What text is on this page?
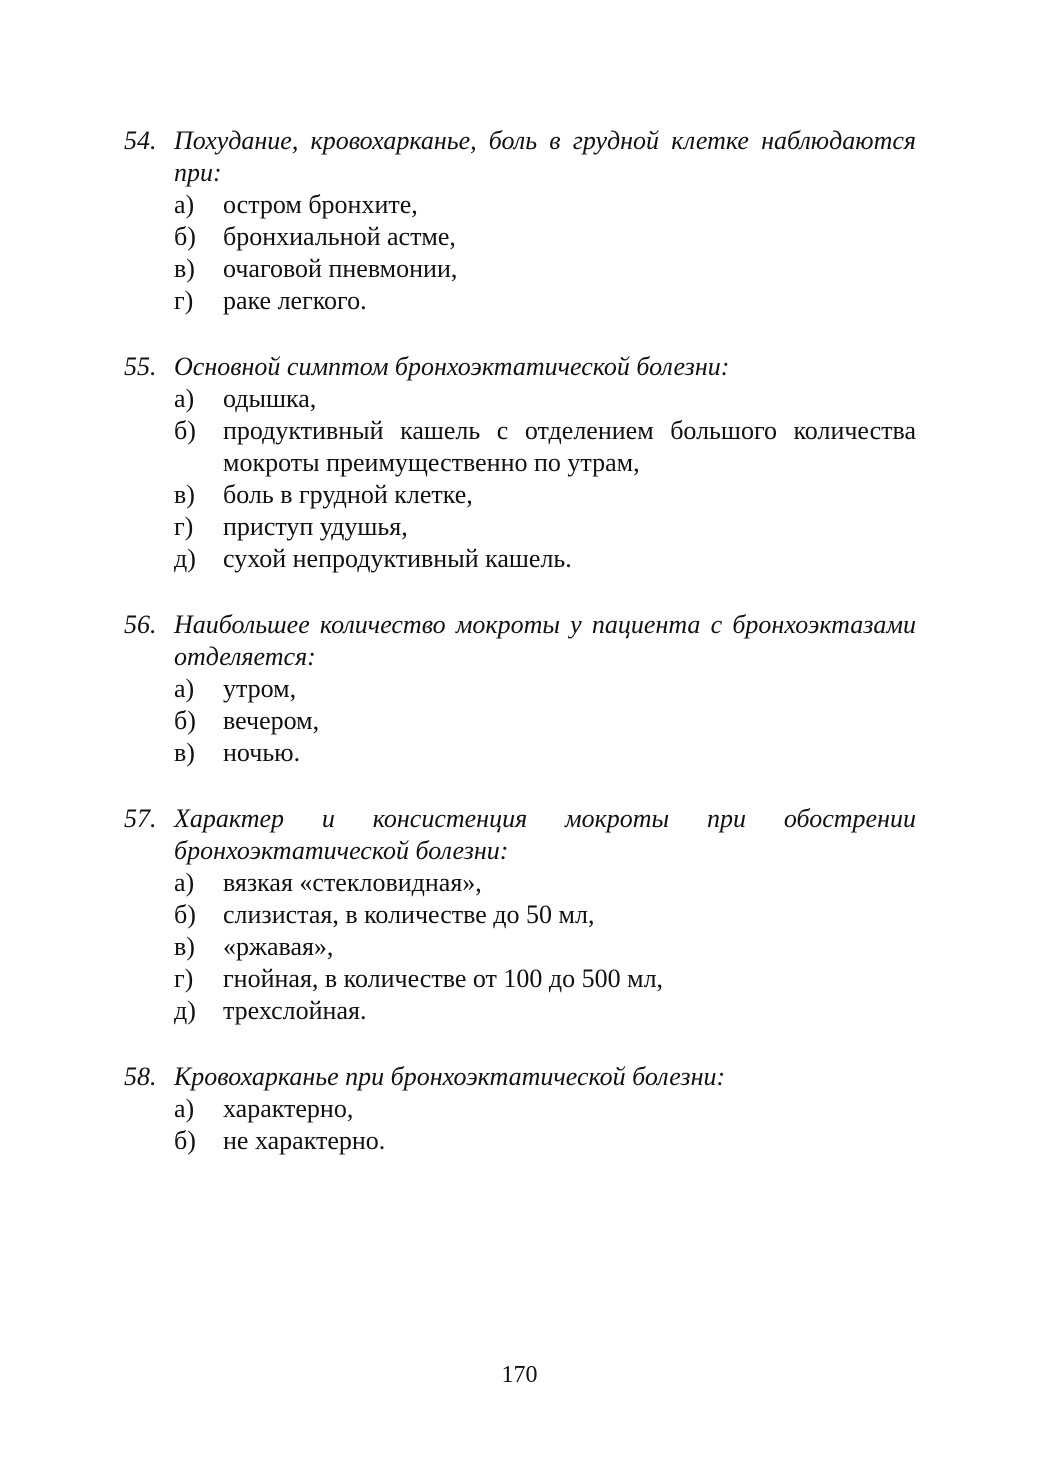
54. Похудание, кровохарканье, боль в грудной клетке наблюдаются при:
а)	остром бронхите,
б)	бронхиальной астме,
в)	очаговой пневмонии,
г)	раке легкого.
55. Основной симптом бронхоэктатической болезни:
а)	одышка,
б)	продуктивный кашель с отделением большого количества мокроты преимущественно по утрам,
в)	боль в грудной клетке,
г)	приступ удушья,
д)	сухой непродуктивный кашель.
56. Наибольшее количество мокроты у пациента с бронхоэктазами отделяется:
а)	утром,
б)	вечером,
в)	ночью.
57. Характер и консистенция мокроты при обострении бронхоэктатической болезни:
а)	вязкая «стекловидная»,
б)	слизистая, в количестве до 50 мл,
в)	«ржавая»,
г)	гнойная, в количестве от 100 до 500 мл,
д)	трехслойная.
58. Кровохарканье при бронхоэктатической болезни:
а)	характерно,
б)	не характерно.
170
